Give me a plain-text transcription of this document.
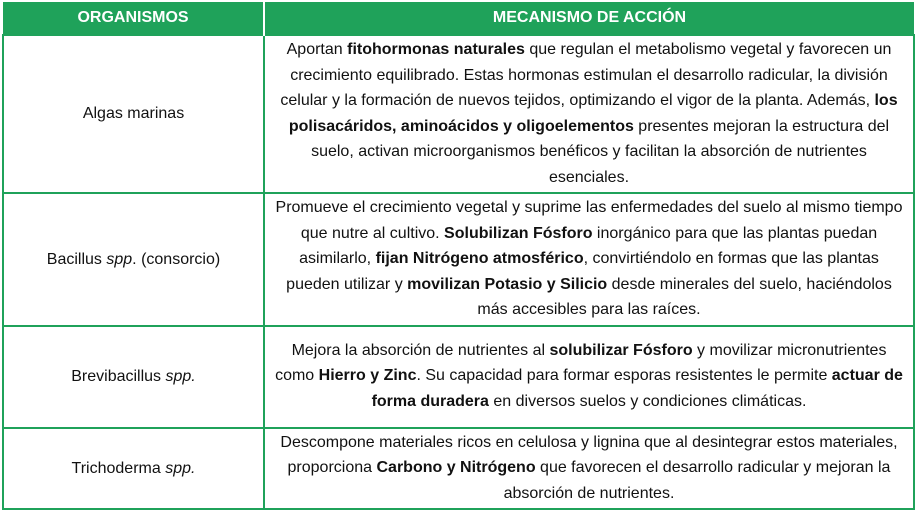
ORGANISMOS	MECANISMO DE ACCIÓN
Algas marinas	Aportan fitohormonas naturales que regulan el metabolismo vegetal y favorecen un crecimiento equilibrado. Estas hormonas estimulan el desarrollo radicular, la división celular y la formación de nuevos tejidos, optimizando el vigor de la planta. Además, los polisacáridos, aminoácidos y oligoelementos presentes mejoran la estructura del suelo, activan microorganismos benéficos y facilitan la absorción de nutrientes esenciales.
Bacillus spp. (consorcio)	Promueve el crecimiento vegetal y suprime las enfermedades del suelo al mismo tiempo que nutre al cultivo. Solubilizan Fósforo inorgánico para que las plantas puedan asimilarlo, fijan Nitrógeno atmosférico, convirtiéndolo en formas que las plantas pueden utilizar y movilizan Potasio y Silicio desde minerales del suelo, haciéndolos más accesibles para las raíces.
Brevibacillus spp.	Mejora la absorción de nutrientes al solubilizar Fósforo y movilizar micronutrientes como Hierro y Zinc. Su capacidad para formar esporas resistentes le permite actuar de forma duradera en diversos suelos y condiciones climáticas.
Trichoderma spp.	Descompone materiales ricos en celulosa y lignina que al desintegrar estos materiales, proporciona Carbono y Nitrógeno que favorecen el desarrollo radicular y mejoran la absorción de nutrientes.
